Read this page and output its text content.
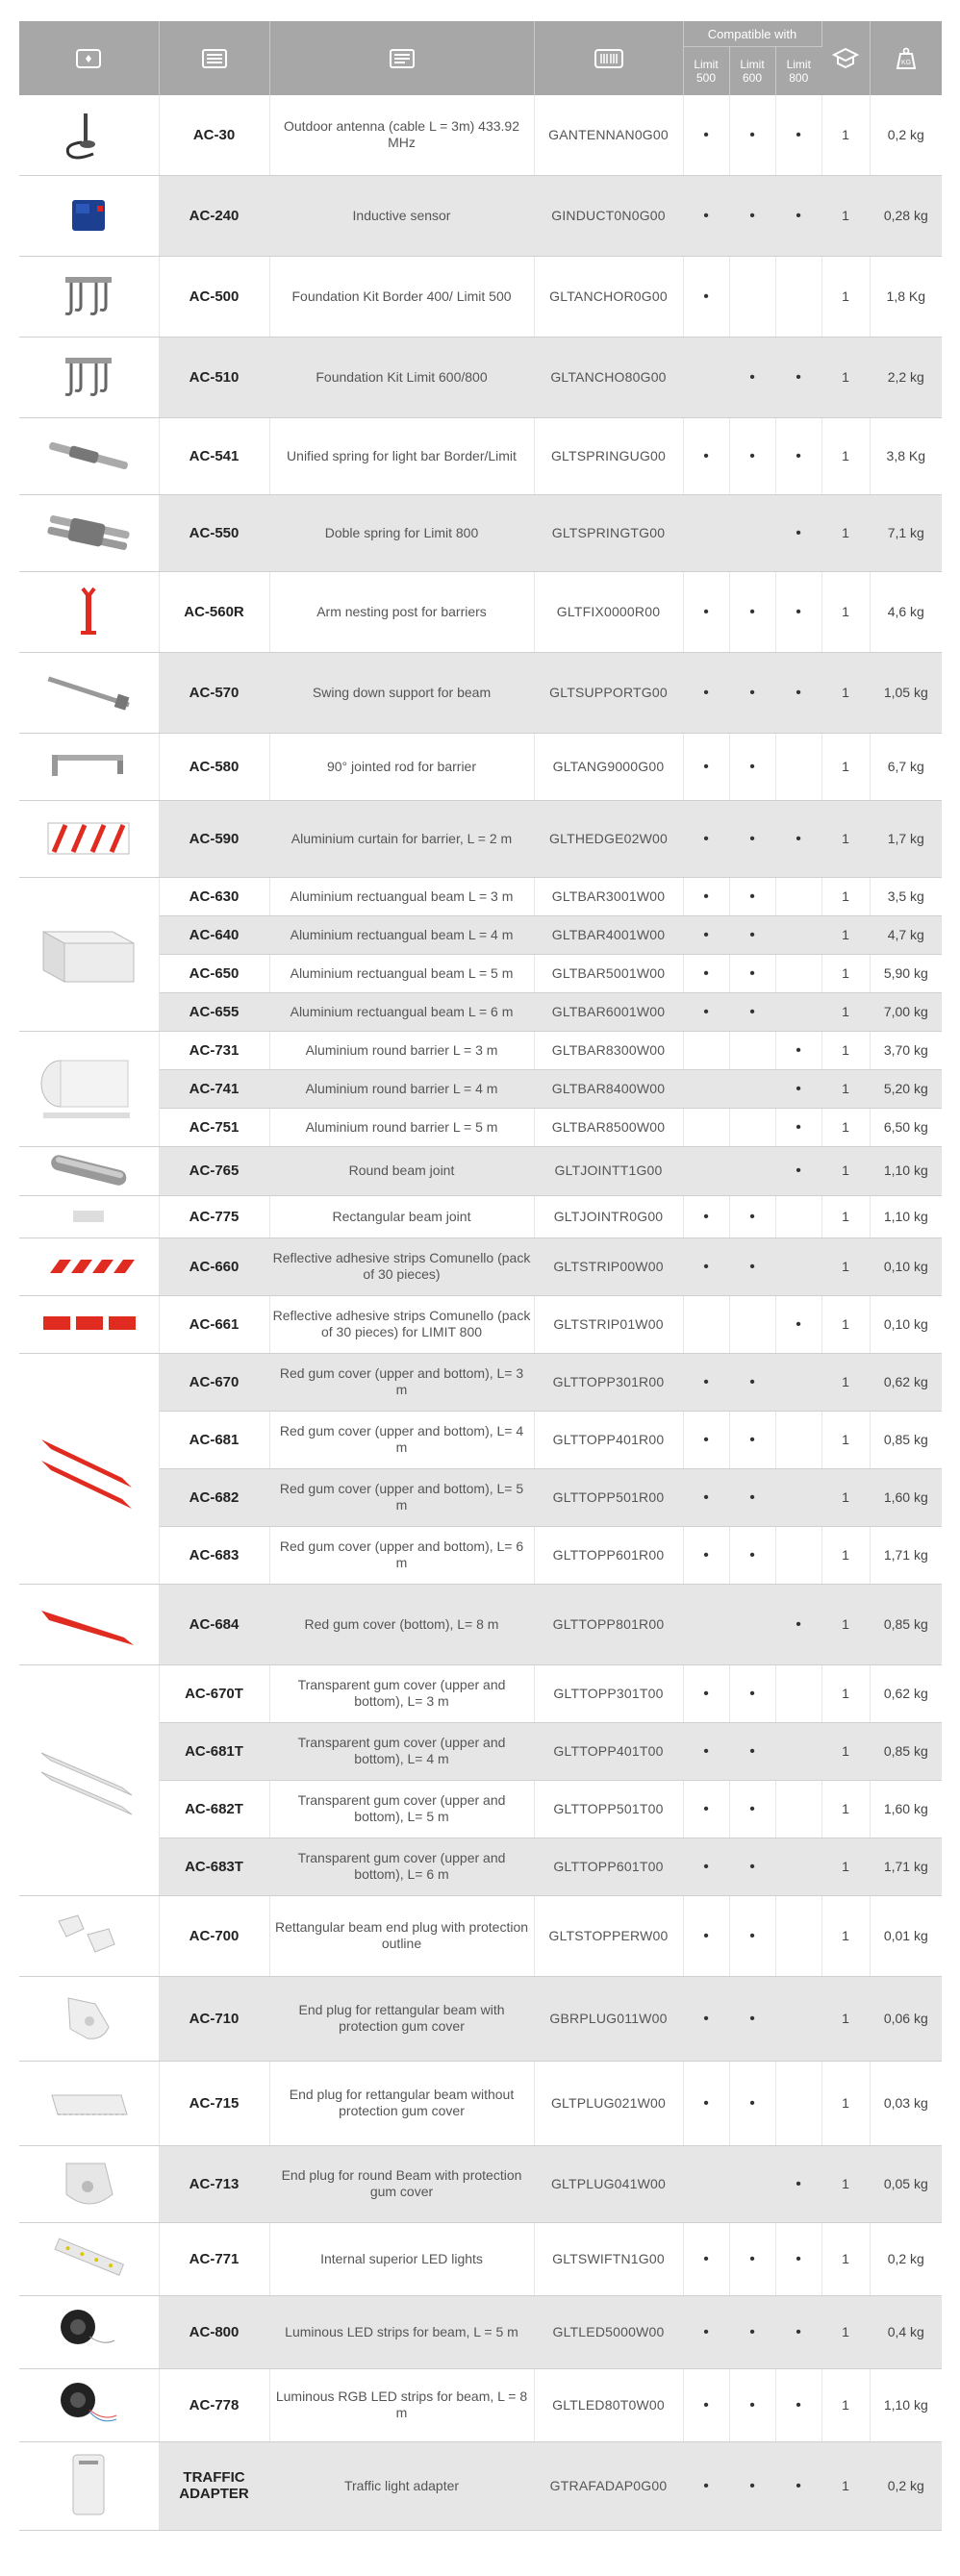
	Compatible with				KG

				Limit 500	Limit 600	Limit 800		

	AC-30	Outdoor antenna (cable L = 3m) 433.92 MHz	GANTENNAN0G00	•	•	•	1	0,2 kg

	AC-240	Inductive sensor	GINDUCT0N0G00	•	•	•	1	0,28 kg

	AC-500	Foundation Kit Border 400/ Limit 500	GLTANCHOR0G00	•			1	1,8 Kg

	AC-510	Foundation Kit Limit 600/800	GLTANCHO80G00		•	•	1	2,2 kg

	AC-541	Unified spring for light bar Border/Limit	GLTSPRINGUG00	•	•	•	1	3,8 Kg

	AC-550	Doble spring for Limit 800	GLTSPRINGTG00			•	1	7,1 kg

	AC-560R	Arm nesting post for barriers	GLTFIX0000R00	•	•	•	1	4,6 kg

	AC-570	Swing down support for beam	GLTSUPPORTG00	•	•	•	1	1,05 kg

	AC-580	90° jointed rod for barrier	GLTANG9000G00	•	•		1	6,7 kg

	AC-590	Aluminium curtain for barrier, L = 2 m	GLTHEDGE02W00	•	•	•	1	1,7 kg

	AC-630	Aluminium rectuangual beam L = 3 m	GLTBAR3001W00	•	•		1	3,5 kg
	AC-640	Aluminium rectuangual beam L = 4 m	GLTBAR4001W00	•	•		1	4,7 kg
	AC-650	Aluminium rectuangual beam L = 5 m	GLTBAR5001W00	•	•		1	5,90 kg
	AC-655	Aluminium rectuangual beam L = 6 m	GLTBAR6001W00	•	•		1	7,00 kg

	AC-731	Aluminium round barrier L = 3 m	GLTBAR8300W00			•	1	3,70 kg
	AC-741	Aluminium round barrier L = 4 m	GLTBAR8400W00			•	1	5,20 kg
	AC-751	Aluminium round barrier L = 5 m	GLTBAR8500W00			•	1	6,50 kg

	AC-765	Round beam joint	GLTJOINTT1G00			•	1	1,10 kg

	AC-775	Rectangular beam joint	GLTJOINTR0G00	•	•		1	1,10 kg

	AC-660	Reflective adhesive strips Comunello (pack of 30 pieces)	GLTSTRIP00W00	•	•		1	0,10 kg

	AC-661	Reflective adhesive strips Comunello (pack of 30 pieces) for LIMIT 800	GLTSTRIP01W00			•	1	0,10 kg

	AC-670	Red gum cover (upper and bottom), L= 3 m	GLTTOPP301R00	•	•		1	0,62 kg
	AC-681	Red gum cover (upper and bottom), L= 4 m	GLTTOPP401R00	•	•		1	0,85 kg
	AC-682	Red gum cover (upper and bottom), L= 5 m	GLTTOPP501R00	•	•		1	1,60 kg
	AC-683	Red gum cover (upper and bottom), L= 6 m	GLTTOPP601R00	•	•		1	1,71 kg

	AC-684	Red gum cover (bottom), L= 8 m	GLTTOPP801R00			•	1	0,85 kg

	AC-670T	Transparent gum cover (upper and bottom), L= 3 m	GLTTOPP301T00	•	•		1	0,62 kg
	AC-681T	Transparent gum cover (upper and bottom), L= 4 m	GLTTOPP401T00	•	•		1	0,85 kg
	AC-682T	Transparent gum cover (upper and bottom), L= 5 m	GLTTOPP501T00	•	•		1	1,60 kg
	AC-683T	Transparent gum cover (upper and bottom), L= 6 m	GLTTOPP601T00	•	•		1	1,71 kg

	AC-700	Rettangular beam end plug with protection outline	GLTSTOPPERW00	•	•		1	0,01 kg

	AC-710	End plug for rettangular beam with protection gum cover	GBRPLUG011W00	•	•		1	0,06 kg

	AC-715	End plug for rettangular beam without protection gum cover	GLTPLUG021W00	•	•		1	0,03 kg

	AC-713	End plug for round Beam with protection gum cover	GLTPLUG041W00			•	1	0,05 kg

	AC-771	Internal superior LED lights	GLTSWIFTN1G00	•	•	•	1	0,2 kg

	AC-800	Luminous LED strips for beam, L = 5 m	GLTLED5000W00	•	•	•	1	0,4 kg

	AC-778	Luminous RGB LED strips for beam, L = 8 m	GLTLED80T0W00	•	•	•	1	1,10 kg

	TRAFFIC ADAPTER	Traffic light adapter	GTRAFADAP0G00	•	•	•	1	0,2 kg
